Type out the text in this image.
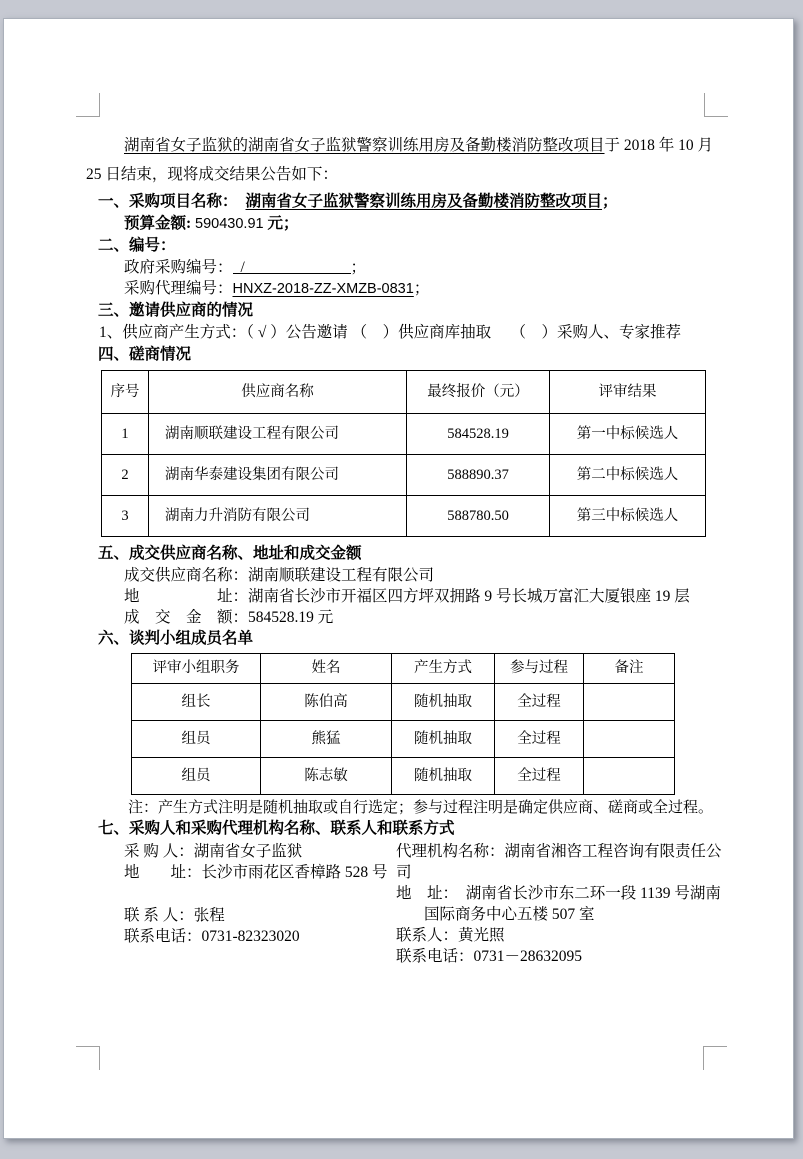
湖南省女子监狱的湖南省女子监狱警察训练用房及备勤楼消防整改项目于 2018 年 10 月 25 日结束，现将成交结果公告如下：

一、采购项目名称： 湖南省女子监狱警察训练用房及备勤楼消防整改项目；
预算金额: 590430.91 元；
二、编号：
政府采购编号： /	；
采购代理编号：HNXZ-2018-ZZ-XMZB-0831；
三、邀请供应商的情况
1、供应商产生方式：（ √ ）公告邀请 （　）供应商库抽取　 （　）采购人、专家推荐
四、磋商情况
序号	供应商名称	最终报价（元）	评审结果
1	湖南顺联建设工程有限公司	584528.19	第一中标候选人
2	湖南华泰建设集团有限公司	588890.37	第二中标候选人
3	湖南力升消防有限公司	588780.50	第三中标候选人
五、成交供应商名称、地址和成交金额
成交供应商名称：湖南顺联建设工程有限公司
地　　　　　址：湖南省长沙市开福区四方坪双拥路 9 号长城万富汇大厦银座 19 层
成　交　金　额：584528.19 元
六、谈判小组成员名单
评审小组职务	姓名	产生方式	参与过程	备注
组长	陈伯高	随机抽取	全过程	
组员	熊猛	随机抽取	全过程	
组员	陈志敏	随机抽取	全过程	
注：产生方式注明是随机抽取或自行选定；参与过程注明是确定供应商、磋商或全过程。
七、采购人和采购代理机构名称、联系人和联系方式
采 购 人：湖南省女子监狱
地　　址：长沙市雨花区香樟路 528 号
联 系 人：张程
联系电话：0731-82323020
代理机构名称：湖南省湘咨工程咨询有限责任公司
地　址：　湖南省长沙市东二环一段 1139 号湖南国际商务中心五楼 507 室
联系人：黄光照
联系电话：0731－28632095
